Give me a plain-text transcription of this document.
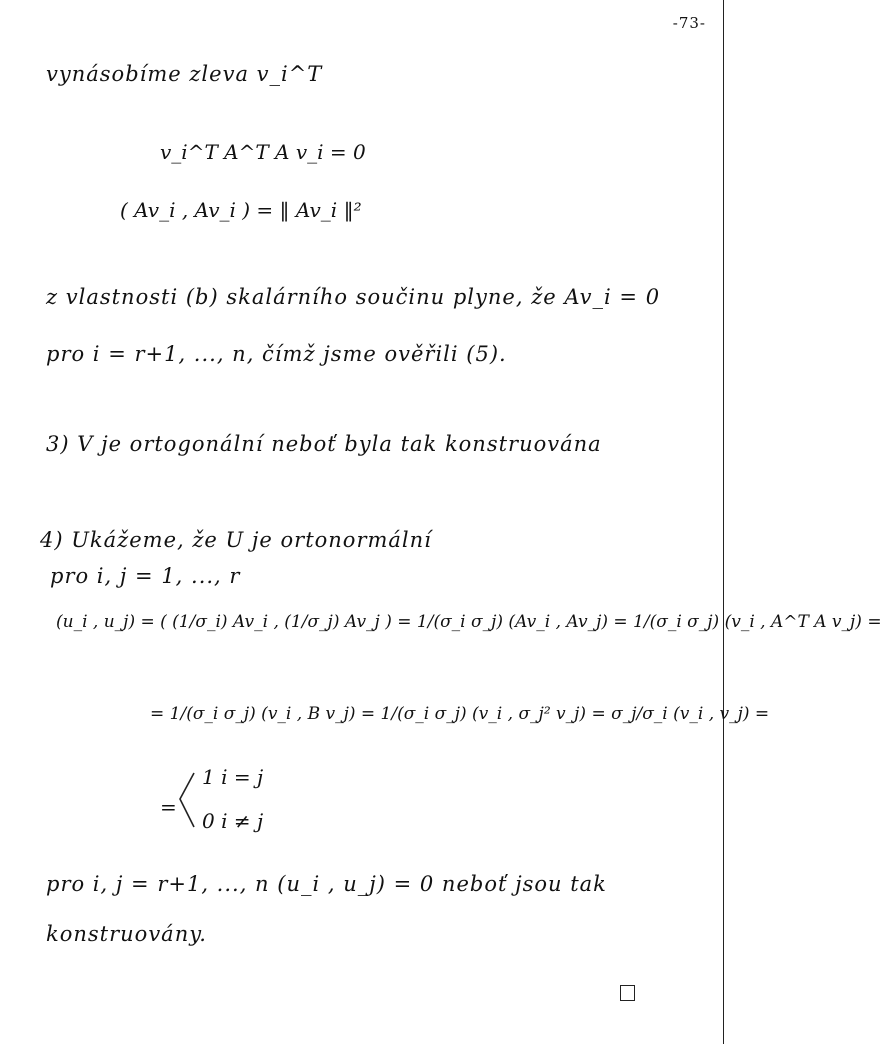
-73-
vynásobíme zleva v_i^T
v_i^T A^T A v_i = 0
( Av_i , Av_i ) = ‖ Av_i ‖²
z vlastnosti (b) skalárního součinu plyne, že Av_i = 0
pro i = r+1, ..., n, čímž jsme ověřili (5).
3) V je ortogonální neboť byla tak konstruována
4) Ukážeme, že U je ortonormální
pro i, j = 1, ..., r
(u_i , u_j) = ( (1/σ_i) Av_i , (1/σ_j) Av_j ) = 1/(σ_i σ_j) (Av_i , Av_j) = 1/(σ_i σ_j) (v_i , A^T A v_j) =
= 1/(σ_i σ_j) (v_i , B v_j) = 1/(σ_i σ_j) (v_i , σ_j² v_j) = σ_j/σ_i (v_i , v_j) =
=
1 i = j
0 i ≠ j
pro i, j = r+1, ..., n (u_i , u_j) = 0 neboť jsou tak
konstruovány.
